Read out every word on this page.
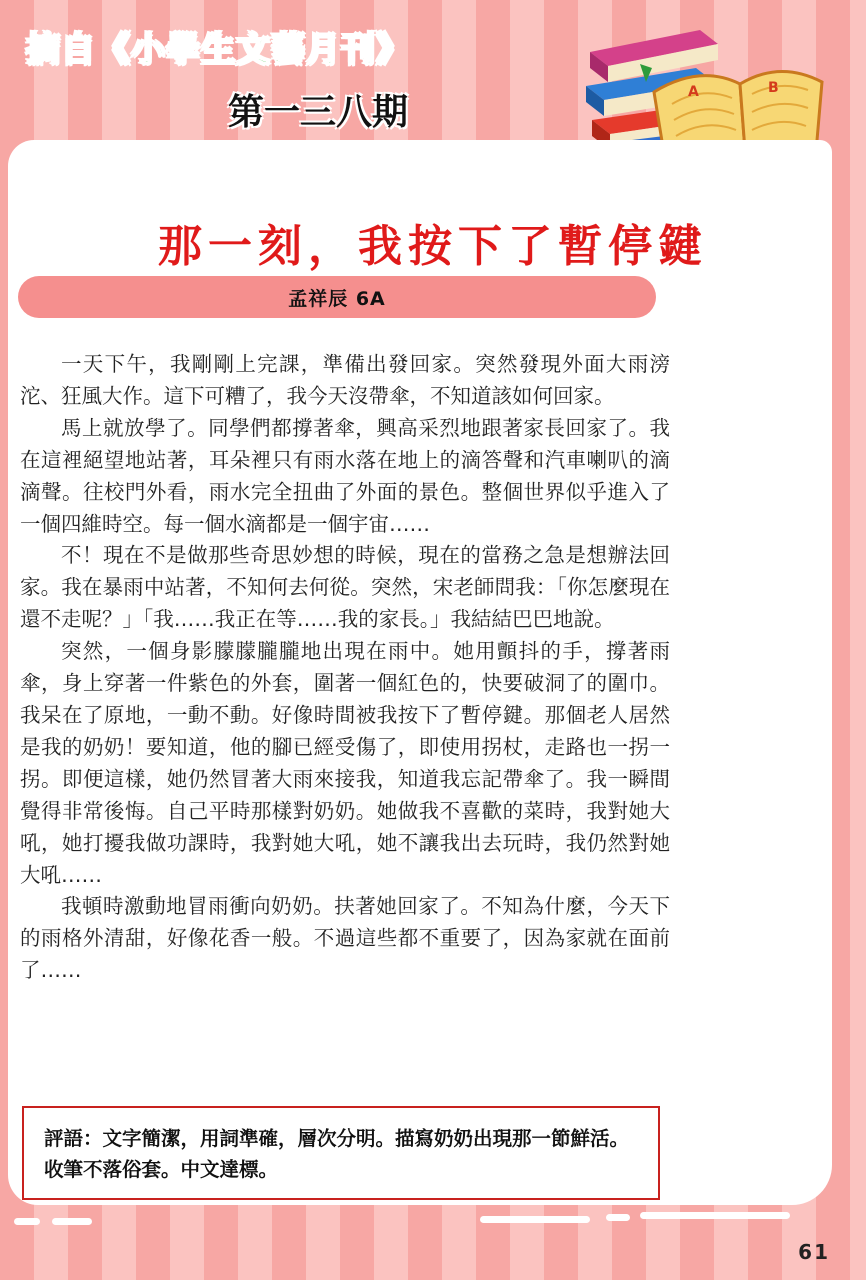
摘自《小學生文藝月刊》
第一三八期	A	B
那一刻，我按下了暫停鍵
孟祥辰 6A

一天下午，我剛剛上完課，準備出發回家。突然發現外面大雨滂沱、狂風大作。這下可糟了，我今天沒帶傘，不知道該如何回家。

馬上就放學了。同學們都撐著傘，興高采烈地跟著家長回家了。我在這裡絕望地站著，耳朵裡只有雨水落在地上的滴答聲和汽車喇叭的滴滴聲。往校門外看，雨水完全扭曲了外面的景色。整個世界似乎進入了一個四維時空。每一個水滴都是一個宇宙……

不！現在不是做那些奇思妙想的時候，現在的當務之急是想辦法回家。我在暴雨中站著，不知何去何從。突然，宋老師問我：「你怎麼現在還不走呢？」「我……我正在等……我的家長。」我結結巴巴地說。

突然，一個身影朦朦朧朧地出現在雨中。她用顫抖的手，撐著雨傘，身上穿著一件紫色的外套，圍著一個紅色的，快要破洞了的圍巾。我呆在了原地，一動不動。好像時間被我按下了暫停鍵。那個老人居然是我的奶奶！要知道，他的腳已經受傷了，即使用拐杖，走路也一拐一拐。即便這樣，她仍然冒著大雨來接我，知道我忘記帶傘了。我一瞬間覺得非常後悔。自己平時那樣對奶奶。她做我不喜歡的菜時，我對她大吼，她打擾我做功課時，我對她大吼，她不讓我出去玩時，我仍然對她大吼……

我頓時激動地冒雨衝向奶奶。扶著她回家了。不知為什麼，今天下的雨格外清甜，好像花香一般。不過這些都不重要了，因為家就在面前了……

評語：文字簡潔，用詞準確，層次分明。描寫奶奶出現那一節鮮活。收筆不落俗套。中文達標。

61
